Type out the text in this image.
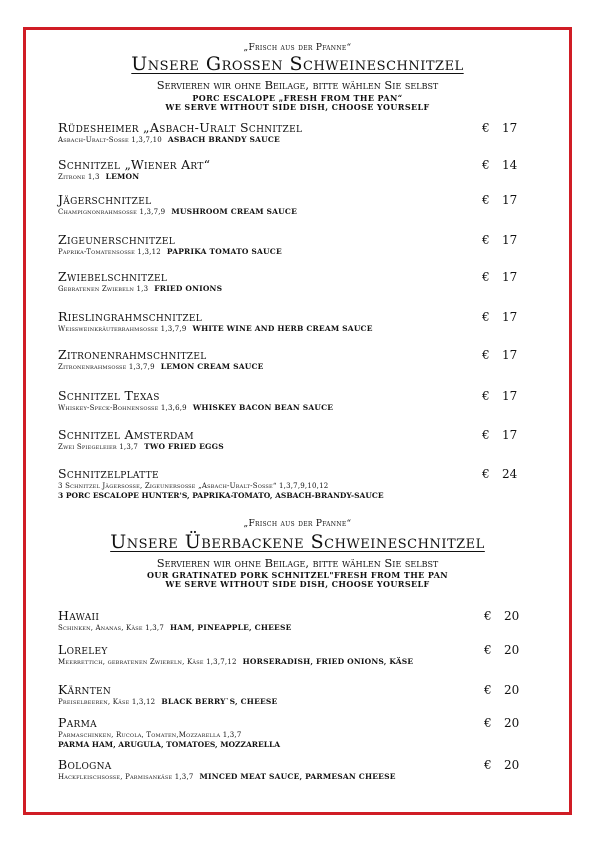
„Frisch aus der Pfanne“
Unsere Großen Schweineschnitzel
Servieren wir ohne Beilage, bitte wählen Sie selbst
PORC ESCALOPE „FRESH FROM THE PAN“
WE SERVE WITHOUT SIDE DISH, CHOOSE YOURSELF
Rüdesheimer „Asbach-Uralt Schnitzel
Asbach-Uralt-Soße 1,3,7,10 ASBACH BRANDY SAUCE
€ 17
Schnitzel „Wiener Art“
Zitrone 1,3 LEMON
€ 14
Jägerschnitzel
Champignonrahmsoße 1,3,7,9 MUSHROOM CREAM SAUCE
€ 17
Zigeunerschnitzel
Paprika-Tomatensoße 1,3,12 PAPRIKA TOMATO SAUCE
€ 17
Zwiebelschnitzel
Gebratenen Zwiebeln 1,3 FRIED ONIONS
€ 17
Rieslingrahmschnitzel
Weißweinkräuterrahmsoße 1,3,7,9 WHITE WINE AND HERB CREAM SAUCE
€ 17
Zitronenrahmschnitzel
Zitronenrahmsoße 1,3,7,9 LEMON CREAM SAUCE
€ 17
Schnitzel Texas
Whiskey-Speck-Bohnensoße 1,3,6,9 WHISKEY BACON BEAN SAUCE
€ 17
Schnitzel Amsterdam
Zwei Spiegeleier 1,3,7 TWO FRIED EGGS
€ 17
Schnitzelplatte
3 Schnitzel Jägersoße, Zigeunersoße „Asbach-Uralt-Soße“ 1,3,7,9,10,12
3 PORC ESCALOPE HUNTER'S, PAPRIKA-TOMATO, ASBACH-BRANDY-SAUCE
€ 24
„Frisch aus der Pfanne“
Unsere Überbackene Schweineschnitzel
Servieren wir ohne Beilage, bitte wählen Sie selbst
OUR GRATINATED PORK SCHNITZEL"FRESH FROM THE PAN
WE SERVE WITHOUT SIDE DISH, CHOOSE YOURSELF
Hawaii
Schinken, Ananas, Käse 1,3,7 HAM, PINEAPPLE, CHEESE
€ 20
Loreley
Meerrettich, gebratenen Zwiebeln, Käse 1,3,7,12 HORSERADISH, FRIED ONIONS, KÄSE
€ 20
Kärnten
Preiselbeeren, Käse 1,3,12 BLACK BERRY`S, CHEESE
€ 20
Parma
Parmaschinken, Rucola, Tomaten,Mozzarella 1,3,7
PARMA HAM, ARUGULA, TOMATOES, MOZZARELLA
€ 20
Bologna
Hackfleischsoße, Parmisankäse 1,3,7 MINCED MEAT SAUCE, PARMESAN CHEESE
€ 20
